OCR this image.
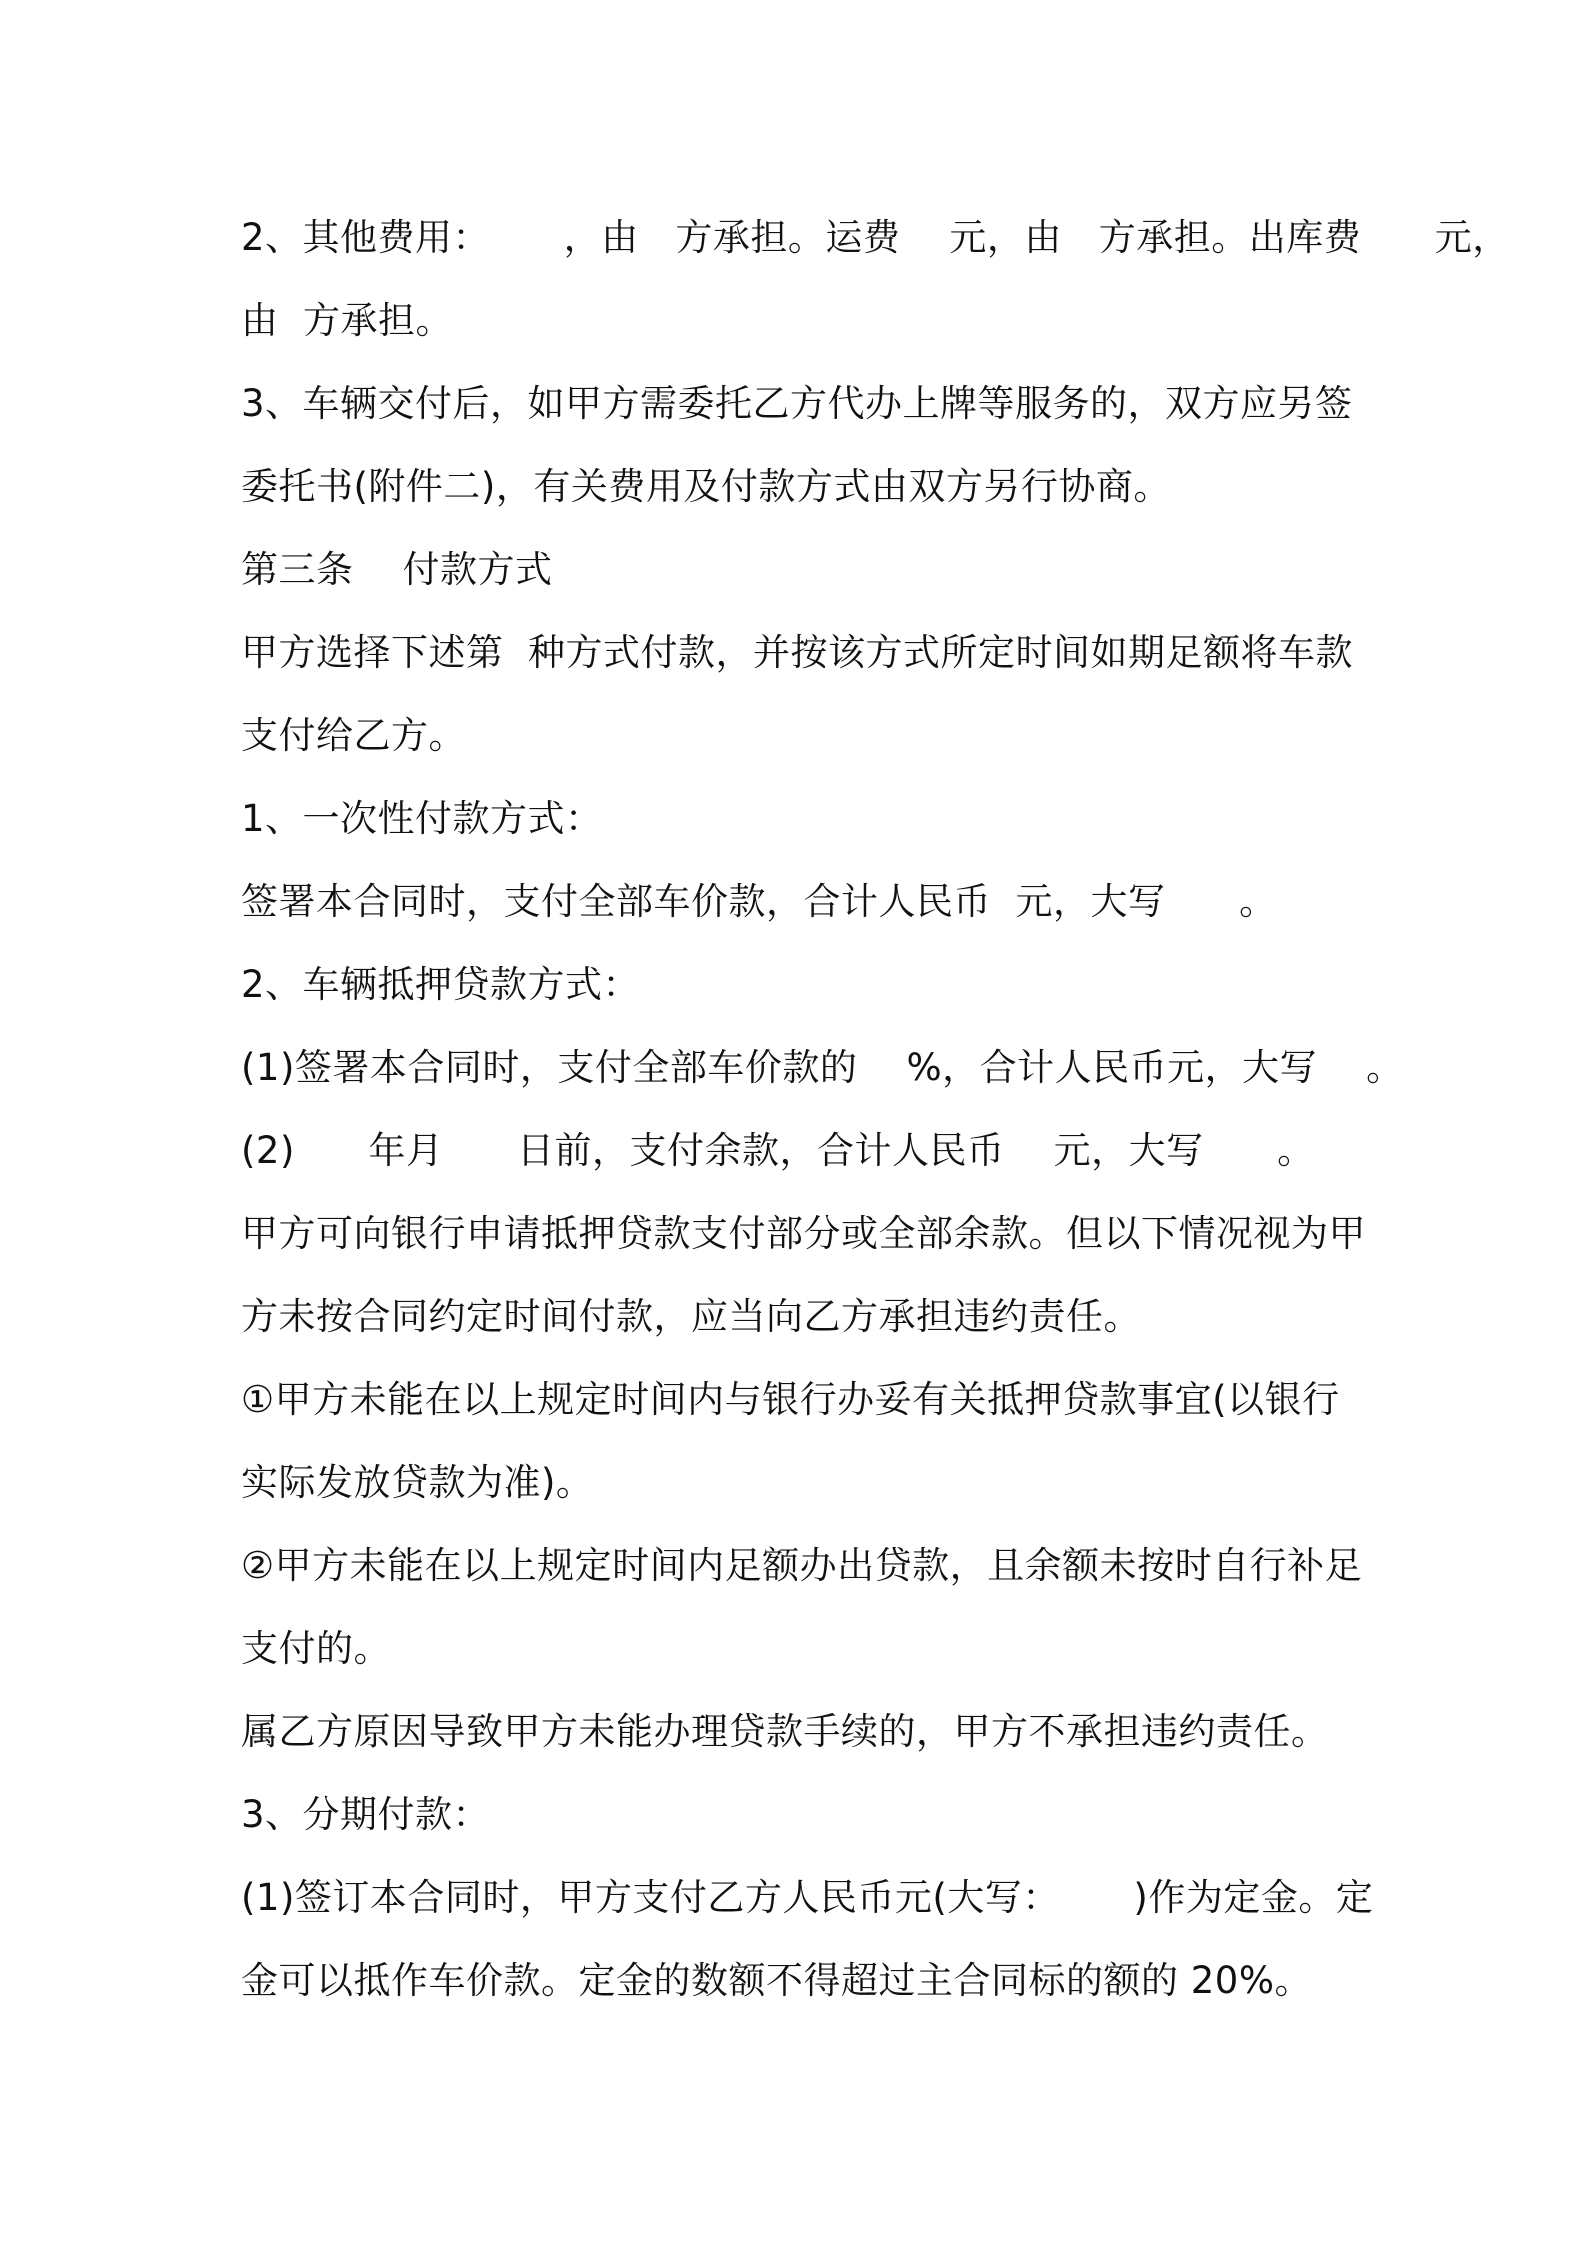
2、其他费用：      ，由   方承担。运费    元，由   方承担。出库费      元，
由  方承担。
3、车辆交付后，如甲方需委托乙方代办上牌等服务的，双方应另签
委托书(附件二)，有关费用及付款方式由双方另行协商。
第三条    付款方式
甲方选择下述第  种方式付款，并按该方式所定时间如期足额将车款
支付给乙方。
1、一次性付款方式：
签署本合同时，支付全部车价款，合计人民币  元，大写      。
2、车辆抵押贷款方式：
(1)签署本合同时，支付全部车价款的    %，合计人民币元，大写    。
(2)      年月      日前，支付余款，合计人民币    元，大写      。
甲方可向银行申请抵押贷款支付部分或全部余款。但以下情况视为甲
方未按合同约定时间付款，应当向乙方承担违约责任。
①甲方未能在以上规定时间内与银行办妥有关抵押贷款事宜(以银行
实际发放贷款为准)。
②甲方未能在以上规定时间内足额办出贷款，且余额未按时自行补足
支付的。
属乙方原因导致甲方未能办理贷款手续的，甲方不承担违约责任。
3、分期付款：
(1)签订本合同时，甲方支付乙方人民币元(大写：      )作为定金。定
金可以抵作车价款。定金的数额不得超过主合同标的额的 20%。
